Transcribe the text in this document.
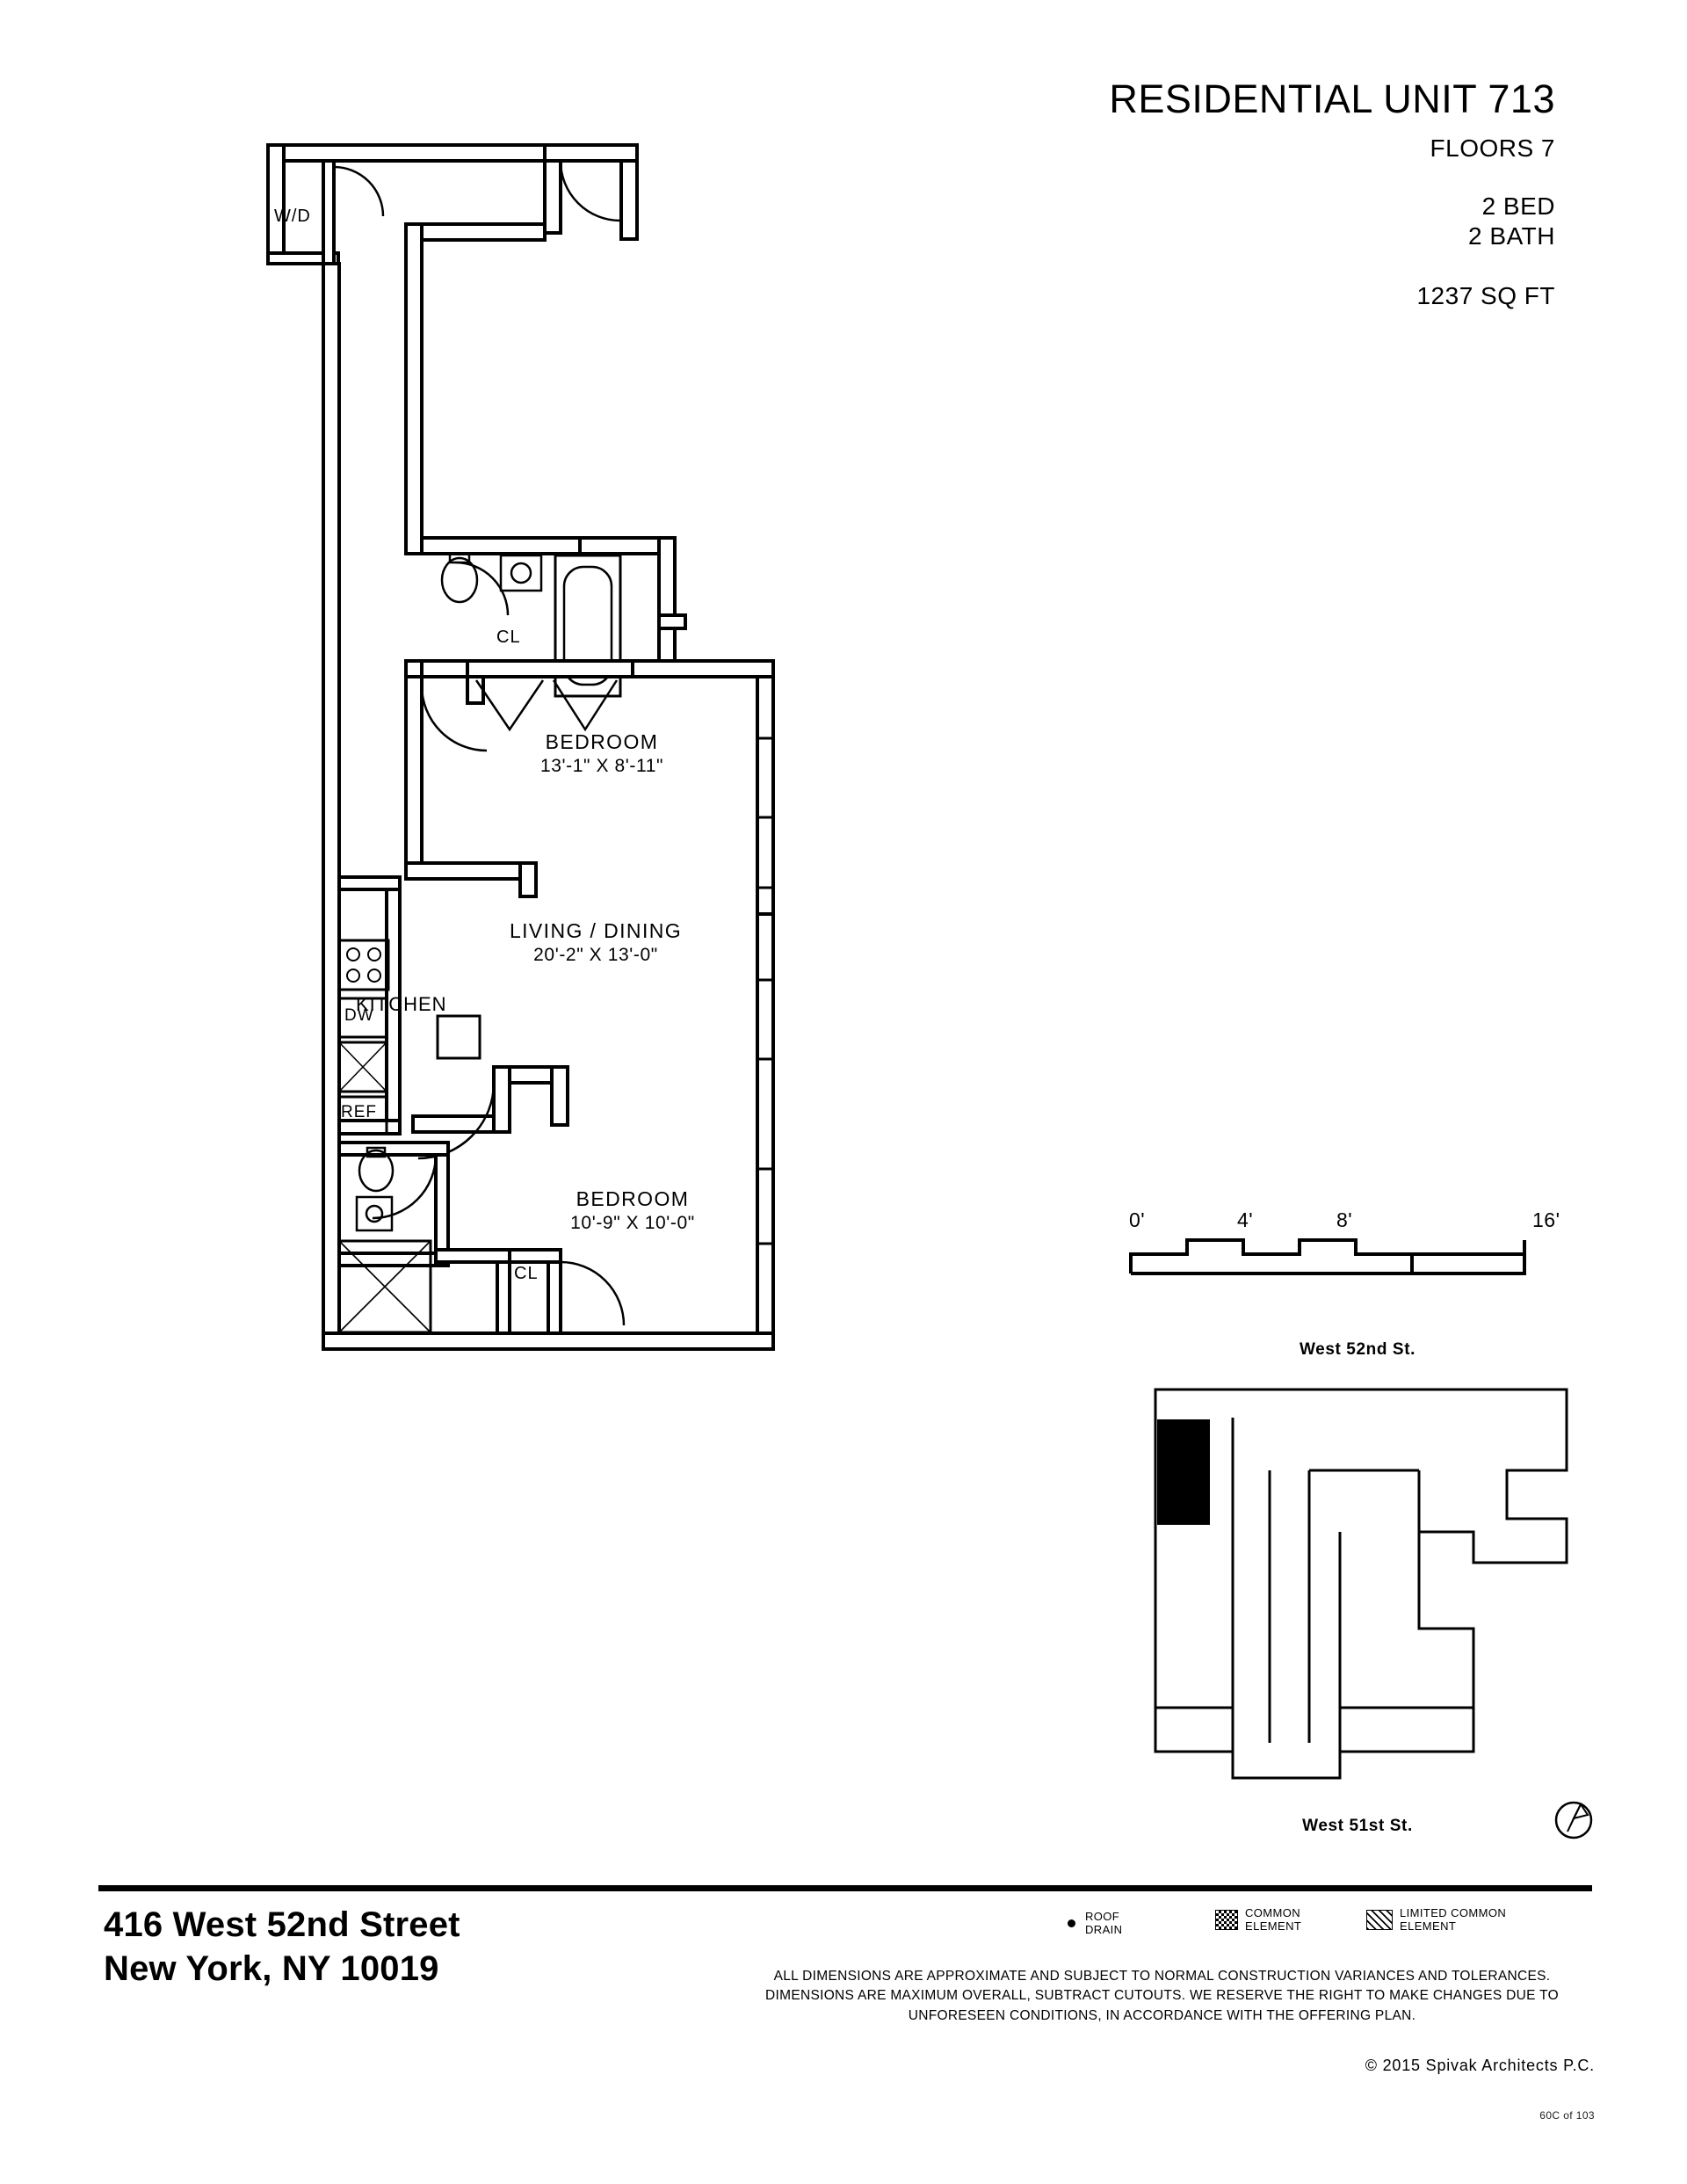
RESIDENTIAL UNIT 713
FLOORS 7
2 BED
2 BATH
1237 SQ FT
BEDROOM
13'-1" X 8'-11"
LIVING / DINING
20'-2" X 13'-0"
BEDROOM
10'-9" X 10'-0"
W/D
CL
KITCHEN
DW
REF
CL
0'	4'	8'	16'
West 52nd St.
West 51st St.
416 West 52nd Street
New York, NY 10019
ROOF
DRAIN
COMMON
ELEMENT
LIMITED COMMON
ELEMENT
ALL DIMENSIONS ARE APPROXIMATE AND SUBJECT TO NORMAL CONSTRUCTION VARIANCES AND TOLERANCES. DIMENSIONS ARE MAXIMUM OVERALL, SUBTRACT CUTOUTS. WE RESERVE THE RIGHT TO MAKE CHANGES DUE TO UNFORESEEN CONDITIONS, IN ACCORDANCE WITH THE OFFERING PLAN.
© 2015 Spivak Architects P.C.
60C of 103
